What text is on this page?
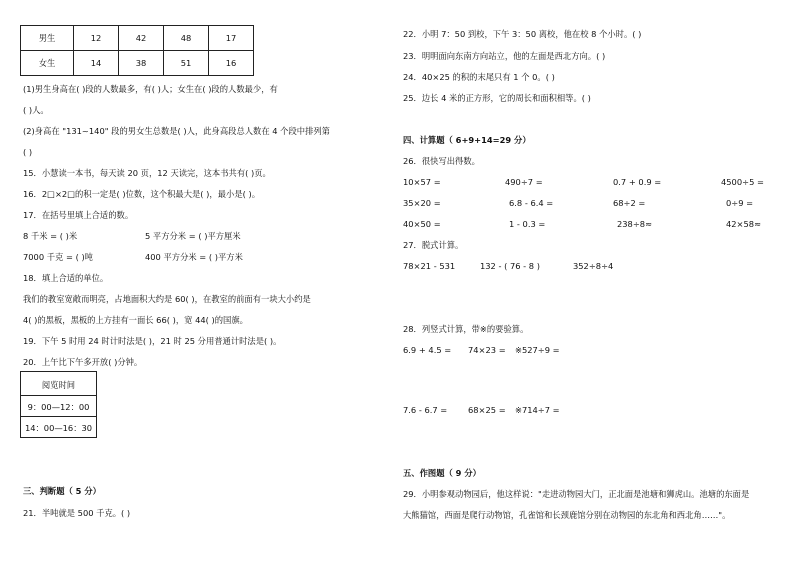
男生	12	42	48	17
女生	14	38	51	16
(1)男生身高在( )段的人数最多，有( )人；女生在( )段的人数最少，有
( )人。
(2)身高在 "131~140" 段的男女生总数是( )人，此身高段总人数在 4 个段中排列第
( )
15．小慧读一本书，每天读 20 页，12 天读完，这本书共有( )页。
16．2□×2□的积一定是( )位数，这个积最大是( )，最小是( )。
17．在括号里填上合适的数。
8 千米 = ( )米	5 平方分米 = ( )平方厘米
7000 千克 = ( )吨	400 平方分米 = ( )平方米
18．填上合适的单位。
我们的教室宽敞而明亮，占地面积大约是 60( )，在教室的前面有一块大小约是
4( )的黑板，黑板的上方挂有一面长 66( )，宽 44( )的国旗。
19．下午 5 时用 24 时计时法是( )，21 时 25 分用普通计时法是( )。
20．上午比下午多开放( )分钟。
阅览时间
9：00—12：00
14：00—16：30
三、判断题（ 5 分）
21．半吨就是 500 千克。( )
22．小明 7：50 到校，下午 3：50 离校，他在校 8 个小时。( )
23．明明面向东南方向站立，他的左面是西北方向。( )
24．40×25 的积的末尾只有 1 个 0。( )
25．边长 4 米的正方形，它的周长和面积相等。( )
四、计算题（ 6+9+14=29 分）
26．很快写出得数。
10×57 =	490÷7 =	0.7 + 0.9 =	4500÷5 =
35×20 =	6.8 - 6.4 =	68÷2 =	0÷9 =
40×50 =	1 - 0.3 =	238÷8≈	42×58≈
27．脱式计算。
78×21 - 531	132 - ( 76 - 8 )	352÷8÷4
28．列竖式计算，带※的要验算。
6.9 + 4.5 = 74×23 = ※527÷9 =
7.6 - 6.7 =	68×25 = ※714÷7 =
五、作图题（ 9 分）
29．小明参观动物园后，他这样说："走进动物园大门，正北面是池塘和狮虎山。池塘的东面是
大熊猫馆，西面是爬行动物馆，孔雀馆和长颈鹿馆分别在动物园的东北角和西北角……"。
